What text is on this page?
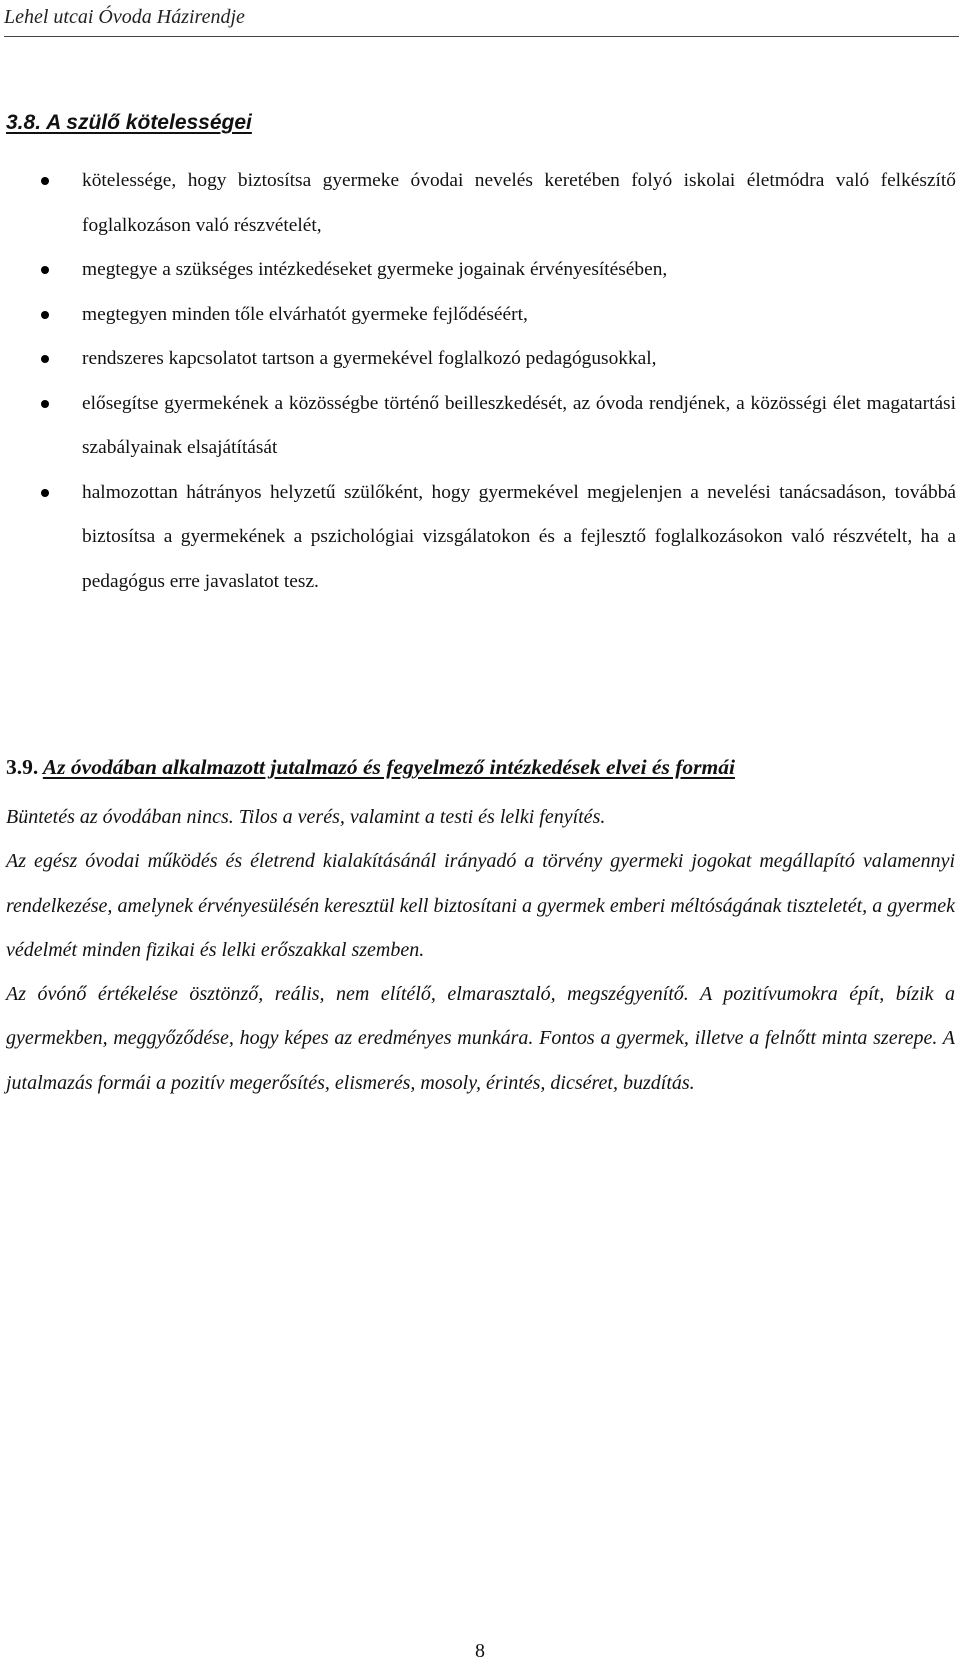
Lehel utcai Óvoda Házirendje
3.8. A szülő kötelességei
kötelessége, hogy biztosítsa gyermeke óvodai nevelés keretében folyó iskolai életmódra való felkészítő foglalkozáson való részvételét,
megtegye a szükséges intézkedéseket gyermeke jogainak érvényesítésében,
megtegyen minden tőle elvárhatót gyermeke fejlődéséért,
rendszeres kapcsolatot tartson a gyermekével foglalkozó pedagógusokkal,
elősegítse gyermekének a közösségbe történő beilleszkedését, az óvoda rendjének, a közösségi élet magatartási szabályainak elsajátítását
halmozottan hátrányos helyzetű szülőként, hogy gyermekével megjelenjen a nevelési tanácsadáson, továbbá biztosítsa a gyermekének a pszichológiai vizsgálatokon és a fejlesztő foglalkozásokon való részvételt, ha a pedagógus erre javaslatot tesz.
3.9. Az óvodában alkalmazott jutalmazó és fegyelmező intézkedések elvei és formái

Büntetés az óvodában nincs. Tilos a verés, valamint a testi és lelki fenyítés.

Az egész óvodai működés és életrend kialakításánál irányadó a törvény gyermeki jogokat megállapító valamennyi rendelkezése, amelynek érvényesülésén keresztül kell biztosítani a gyermek emberi méltóságának tiszteletét, a gyermek védelmét minden fizikai és lelki erőszakkal szemben.

Az óvónő értékelése ösztönző, reális, nem elítélő, elmarasztaló, megszégyenítő. A pozitívumokra épít, bízik a gyermekben, meggyőződése, hogy képes az eredményes munkára. Fontos a gyermek, illetve a felnőtt minta szerepe. A jutalmazás formái a pozitív megerősítés, elismerés, mosoly, érintés, dicséret, buzdítás.

8
